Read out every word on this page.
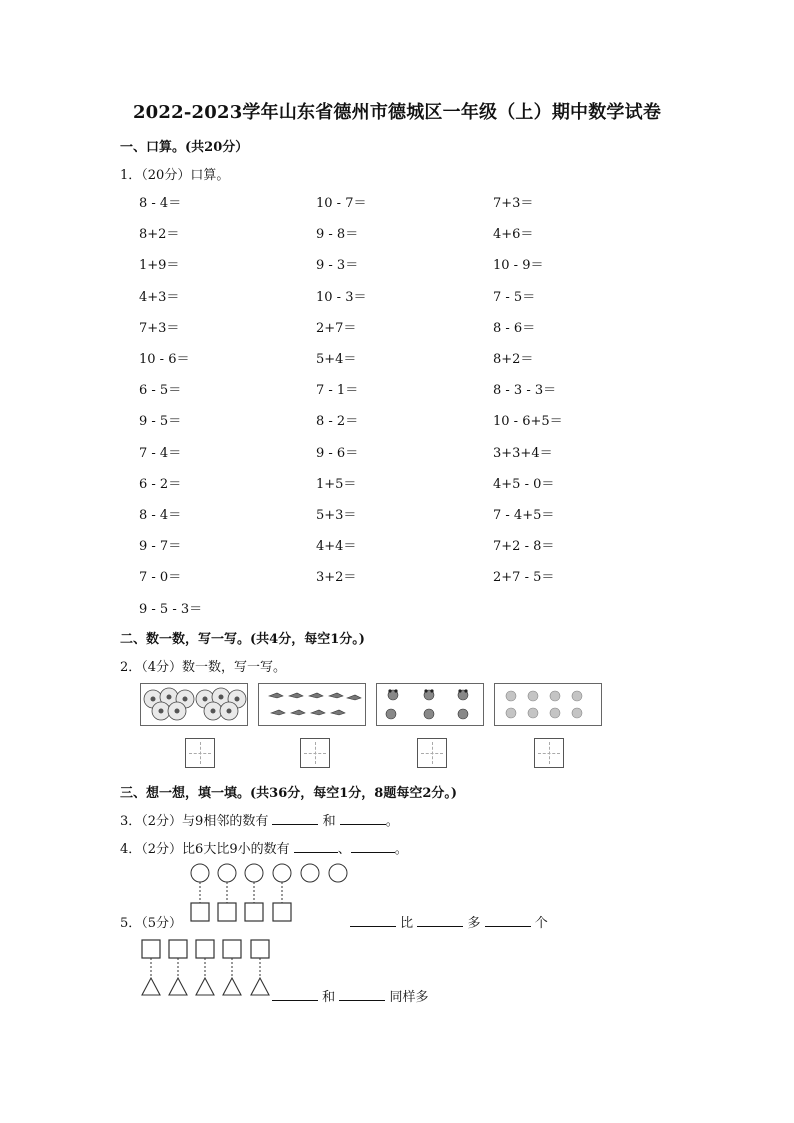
2022-2023学年山东省德州市德城区一年级（上）期中数学试卷
一、口算。(共20分）
1．（20分）口算。
8 - 4＝	10 - 7＝	7+3＝
8+2＝	9 - 8＝	4+6＝
1+9＝	9 - 3＝	10 - 9＝
4+3＝	10 - 3＝	7 - 5＝
7+3＝	2+7＝	8 - 6＝
10 - 6＝	5+4＝	8+2＝
6 - 5＝	7 - 1＝	8 - 3 - 3＝
9 - 5＝	8 - 2＝	10 - 6+5＝
7 - 4＝	9 - 6＝	3+3+4＝
6 - 2＝	1+5＝	4+5 - 0＝
8 - 4＝	5+3＝	7 - 4+5＝
9 - 7＝	4+4＝	7+2 - 8＝
7 - 0＝	3+2＝	2+7 - 5＝
9 - 5 - 3＝
二、数一数，写一写。(共4分，每空1分。)
2．（4分）数一数，写一写。
三、想一想，填一填。(共36分，每空1分，8题每空2分。)
3．（2分）与9相邻的数有	和	。
4．（2分）比6大比9小的数有	、	。
5．（5分）	比	多	个
和	同样多
